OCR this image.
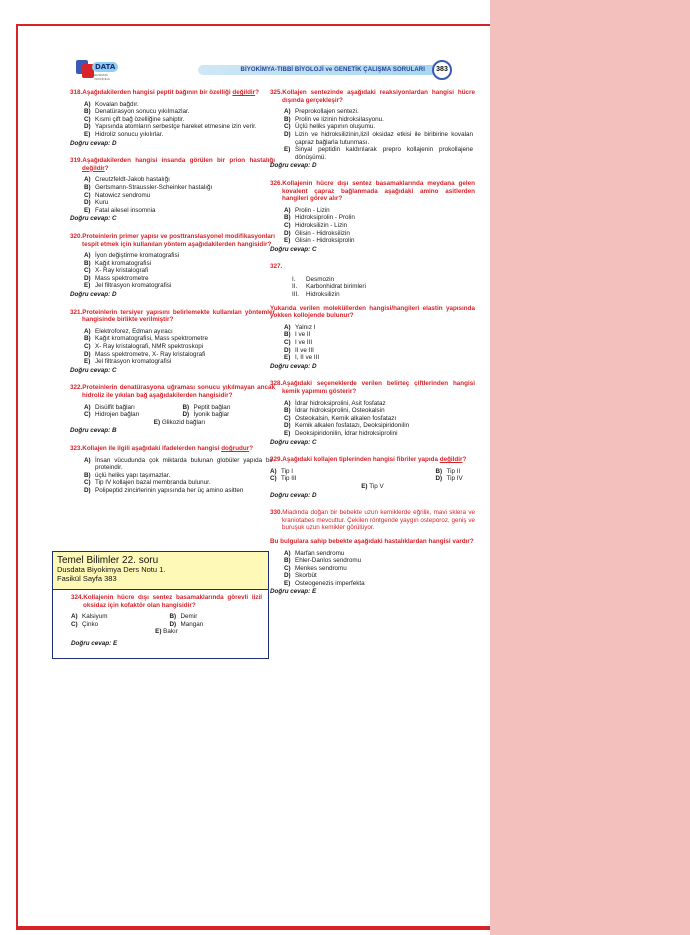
DATA
DUSDATA YAYINCILIK
BİYOKİMYA-TIBBİ BİYOLOJİ ve GENETİK ÇALIŞMA SORULARI	383
318.Aşağıdakilerden hangisi peptit bağının bir özelliği değildir?
A) Kovalan bağdır.
B) Denatürasyon sonucu yıkılmazlar.
C) Kısmi çift bağ özelliğine sahiptir.
D) Yapısında atomların serbestçe hareket etmesine izin verir.
E) Hidroliz sonucu yıkılırlar.
Doğru cevap: D
319.Aşağıdakilerden hangisi insanda görülen bir prion hastalığı değildir?
A) Creutzfeldt-Jakob hastalığı
B) Gertsmann-Straussler-Scheinker hastalığı
C) Natowicz sendromu
D) Kuru
E) Fatal ailesel insomnia
Doğru cevap: C
320.Proteinlerin primer yapısı ve posttranslasyonel modifikasyonları tespit etmek için kullanılan yöntem aşağıdakilerden hangisidir?
A) İyon değiştirme kromatografisi
B) Kağıt kromatografisi
C) X- Ray kristalografi
D) Mass spektrometre
E) Jel filtrasyon kromatografisi
Doğru cevap: D
321.Proteinlerin tersiyer yapısını belirlemekte kullanılan yöntemler hangisinde birlikte verilmiştir?
A) Elektroforez, Edman ayıracı
B) Kağıt kromatografisi, Mass spektrometre
C) X- Ray kristalografi, NMR spektroskopi
D) Mass spektrometre, X- Ray kristalografi
E) Jel filtrasyon kromatografisi
Doğru cevap: C
322.Proteinlerin denatürasyona uğraması sonucu yıkılmayan ancak hidroliz ile yıkılan bağ aşağıdakilerden hangisidir?
A) Disülfit bağları	B) Peptit bağları
C) Hidrojen bağları	D) İyonik bağlar
E) Glikozid bağları
Doğru cevap: B
323.Kollajen ile ilgili aşağıdaki ifadelerden hangisi doğrudur?
A) İnsan vücudunda çok miktarda bulunan globüler yapıda bir proteindir.
B) üçlü heliks yapı taşımazlar.
C) Tip IV kollajen bazal membranda bulunur.
D) Polipeptid zincirlerinin yapısında her üç amino asitten
Temel Bilimler 22. soru
Dusdata Biyokimya Ders Notu 1.
Fasikül Sayfa 383
324.Kollajenin hücre dışı sentez basamaklarında görevli lizil oksidaz için kofaktör olan hangisidir?
A) Kalsiyum	B) Demir
C) Çinko	D) Mangan
E) Bakır
Doğru cevap: E
325.Kollajen sentezinde aşağıdaki reaksiyonlardan hangisi hücre dışında gerçekleşir?
A) Preprokollajen sentezi.
B) Prolin ve lizinin hidroksilasyonu.
C) Üçlü heliks yapının oluşumu.
D) Lizin ve hidroksilizinin,lizil oksidaz etkisi ile biribirine kovalan çapraz bağlarla tutunması.
E) Sinyal peptidin kaldırılarak prepro kollajenin prokollajene dönüşümü.
Doğru cevap: D
326.Kollajenin hücre dışı sentez basamaklarında meydana gelen kovalent çapraz bağlanmada aşağıdaki amino asitlerden hangileri görev alır?
A) Prolin - Lizin
B) Hidroksiprolin - Prolin
C) Hidroksilizin - Lizin
D) Glisin - Hidroksilizin
E) Glisin - Hidroksiprolin
Doğru cevap: C
327.
I.	Desmozin
II.	Karbonhidrat birimleri
III.	Hidroksilizin
Yukarıda verilen moleküllerden hangisi/hangileri elastin yapısında yokken kollojende bulunur?
A) Yalnız I
B) I ve II
C) I ve III
D) II ve III
E) I, II ve III
Doğru cevap: D
328.Aşağıdaki seçeneklerde verilen belirteç çiftlerinden hangisi kemik yapımını gösterir?
A) İdrar hidroksiprolini, Asit fosfataz
B) İdrar hidroksiprolini, Osteokalsin
C) Osteokalsin, Kemik alkalen fosfatazı
D) Kemik alkalen fosfatazı, Deoksipiridonilin
E) Deoksipiridonilin, İdrar hidroksiprolini
Doğru cevap: C
329.Aşağıdaki kollajen tiplerinden hangisi fibriler yapıda değildir?
A) Tip I	B) Tip II
C) Tip III	D) Tip IV
E) Tip V
Doğru cevap: D
330.Miadında doğan bir bebekte uzun kemiklerde eğrilik, mavi sklera ve kraniotabes mevcuttur. Çekilen röntgende yaygın osteporoz, geniş ve buruşuk uzun kemikler görülüyor.
Bu bulgulara sahip bebekte aşağıdaki hastalıklardan hangisi vardır?
A) Marfan sendromu
B) Ehler-Danlos sendromu
C) Menkes sendromu
D) Skorbüt
E) Osteogenezis imperfekta
Doğru cevap: E
